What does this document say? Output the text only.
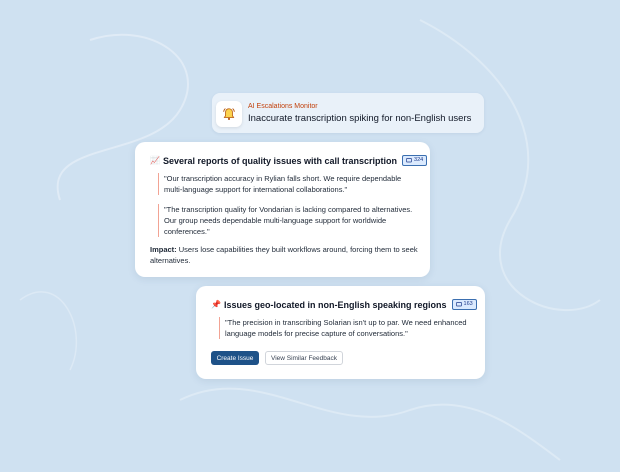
AI Escalations Monitor
Inaccurate transcription spiking for non-English users
📈 Several reports of quality issues with call transcription	324
"Our transcription accuracy in Rylian falls short. We require dependable multi-language support for international collaborations."
"The transcription quality for Vondarian is lacking compared to alternatives. Our group needs dependable multi-language support for worldwide conferences."
Impact: Users lose capabilities they built workflows around, forcing them to seek alternatives.
📌 Issues geo-located in non-English speaking regions	163
"The precision in transcribing Solarian isn't up to par. We need enhanced language models for precise capture of conversations."
Create Issue	View Similar Feedback
